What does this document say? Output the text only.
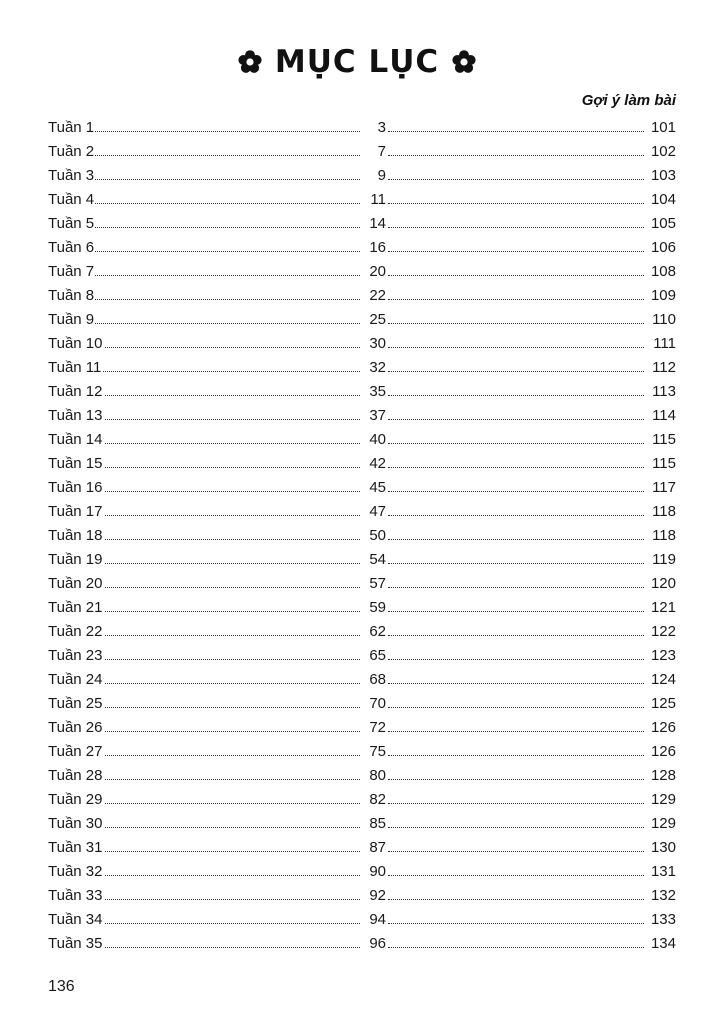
MỤC LỤC
Gợi ý làm bài
Tuần 1	3	101
Tuần 2	7	102
Tuần 3	9	103
Tuần 4	11	104
Tuần 5	14	105
Tuần 6	16	106
Tuần 7	20	108
Tuần 8	22	109
Tuần 9	25	110
Tuần 10	30	111
Tuần 11	32	112
Tuần 12	35	113
Tuần 13	37	114
Tuần 14	40	115
Tuần 15	42	115
Tuần 16	45	117
Tuần 17	47	118
Tuần 18	50	118
Tuần 19	54	119
Tuần 20	57	120
Tuần 21	59	121
Tuần 22	62	122
Tuần 23	65	123
Tuần 24	68	124
Tuần 25	70	125
Tuần 26	72	126
Tuần 27	75	126
Tuần 28	80	128
Tuần 29	82	129
Tuần 30	85	129
Tuần 31	87	130
Tuần 32	90	131
Tuần 33	92	132
Tuần 34	94	133
Tuần 35	96	134
136
